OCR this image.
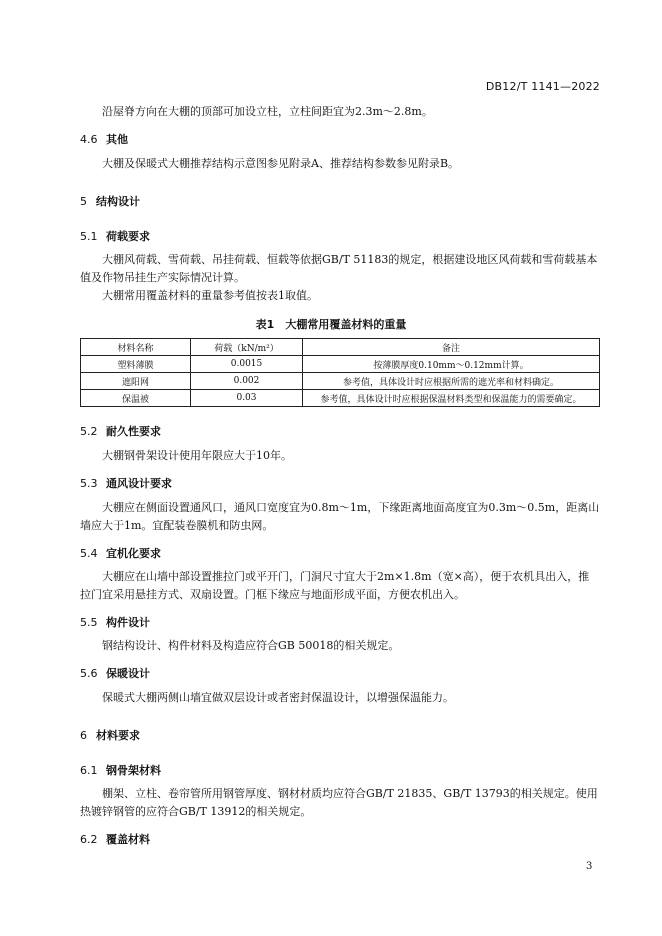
DB12/T 1141—2022
沿屋脊方向在大棚的顶部可加设立柱，立柱间距宜为2.3m～2.8m。
4.6 其他
大棚及保暖式大棚推荐结构示意图参见附录A、推荐结构参数参见附录B。
5 结构设计
5.1 荷载要求
大棚风荷载、雪荷载、吊挂荷载、恒载等依据GB/T 51183的规定，根据建设地区风荷载和雪荷载基本值及作物吊挂生产实际情况计算。
大棚常用覆盖材料的重量参考值按表1取值。
表1　大棚常用覆盖材料的重量
材料名称	荷载（kN/m²）	备注
塑料薄膜	0.0015	按薄膜厚度0.10mm～0.12mm计算。
遮阳网	0.002	参考值，具体设计时应根据所需的遮光率和材料确定。
保温被	0.03	参考值，具体设计时应根据保温材料类型和保温能力的需要确定。
5.2 耐久性要求
大棚钢骨架设计使用年限应大于10年。
5.3 通风设计要求
大棚应在侧面设置通风口，通风口宽度宜为0.8m～1m，下缘距离地面高度宜为0.3m～0.5m，距离山墙应大于1m。宜配装卷膜机和防虫网。
5.4 宜机化要求
大棚应在山墙中部设置推拉门或平开门，门洞尺寸宜大于2m×1.8m（宽×高），便于农机具出入，推拉门宜采用悬挂方式、双扇设置。门框下缘应与地面形成平面，方便农机出入。
5.5 构件设计
钢结构设计、构件材料及构造应符合GB 50018的相关规定。
5.6 保暖设计
保暖式大棚两侧山墙宜做双层设计或者密封保温设计，以增强保温能力。
6 材料要求
6.1 钢骨架材料
棚架、立柱、卷帘管所用钢管厚度、钢材材质均应符合GB/T 21835、GB/T 13793的相关规定。使用热镀锌钢管的应符合GB/T 13912的相关规定。
6.2 覆盖材料
3
